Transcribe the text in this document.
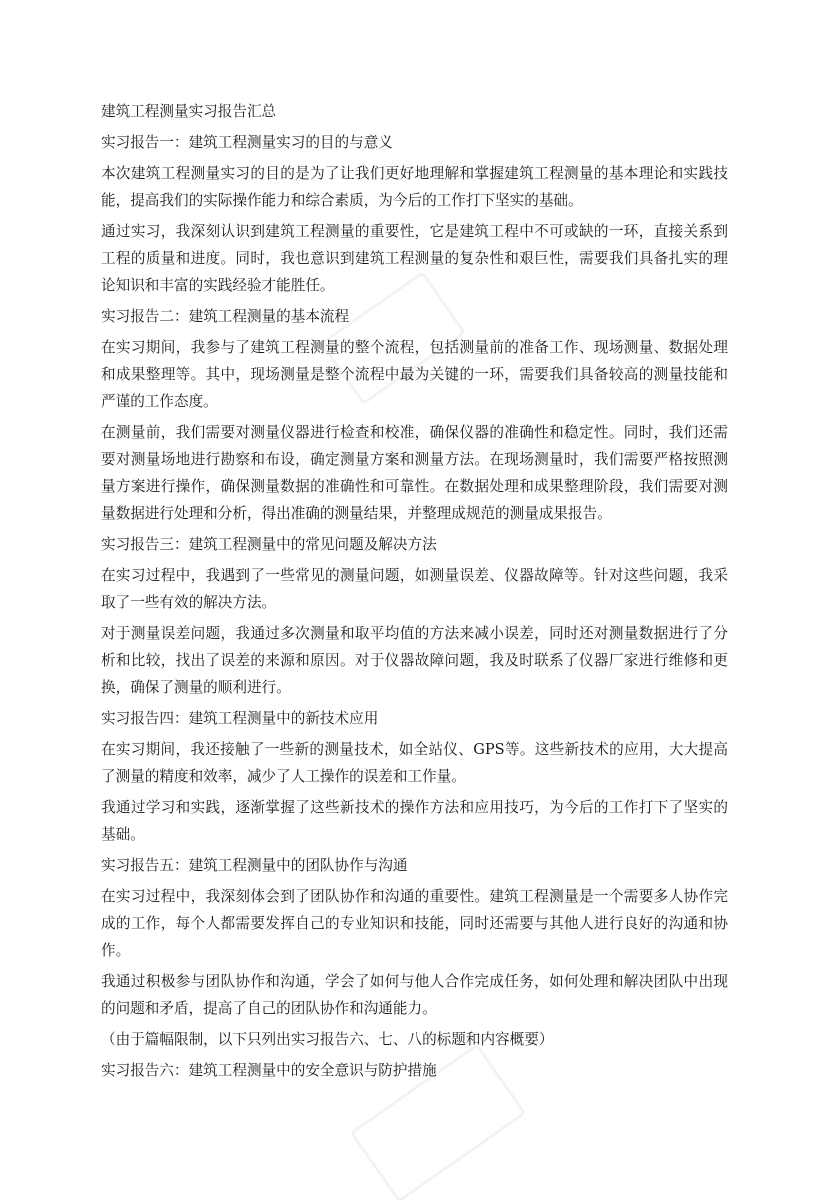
建筑工程测量实习报告汇总

实习报告一：建筑工程测量实习的目的与意义

本次建筑工程测量实习的目的是为了让我们更好地理解和掌握建筑工程测量的基本理论和实践技能，提高我们的实际操作能力和综合素质，为今后的工作打下坚实的基础。

通过实习，我深刻认识到建筑工程测量的重要性，它是建筑工程中不可或缺的一环，直接关系到工程的质量和进度。同时，我也意识到建筑工程测量的复杂性和艰巨性，需要我们具备扎实的理论知识和丰富的实践经验才能胜任。

实习报告二：建筑工程测量的基本流程

在实习期间，我参与了建筑工程测量的整个流程，包括测量前的准备工作、现场测量、数据处理和成果整理等。其中，现场测量是整个流程中最为关键的一环，需要我们具备较高的测量技能和严谨的工作态度。

在测量前，我们需要对测量仪器进行检查和校准，确保仪器的准确性和稳定性。同时，我们还需要对测量场地进行勘察和布设，确定测量方案和测量方法。在现场测量时，我们需要严格按照测量方案进行操作，确保测量数据的准确性和可靠性。在数据处理和成果整理阶段，我们需要对测量数据进行处理和分析，得出准确的测量结果，并整理成规范的测量成果报告。

实习报告三：建筑工程测量中的常见问题及解决方法

在实习过程中，我遇到了一些常见的测量问题，如测量误差、仪器故障等。针对这些问题，我采取了一些有效的解决方法。

对于测量误差问题，我通过多次测量和取平均值的方法来减小误差，同时还对测量数据进行了分析和比较，找出了误差的来源和原因。对于仪器故障问题，我及时联系了仪器厂家进行维修和更换，确保了测量的顺利进行。

实习报告四：建筑工程测量中的新技术应用

在实习期间，我还接触了一些新的测量技术，如全站仪、GPS等。这些新技术的应用，大大提高了测量的精度和效率，减少了人工操作的误差和工作量。

我通过学习和实践，逐渐掌握了这些新技术的操作方法和应用技巧，为今后的工作打下了坚实的基础。

实习报告五：建筑工程测量中的团队协作与沟通

在实习过程中，我深刻体会到了团队协作和沟通的重要性。建筑工程测量是一个需要多人协作完成的工作，每个人都需要发挥自己的专业知识和技能，同时还需要与其他人进行良好的沟通和协作。

我通过积极参与团队协作和沟通，学会了如何与他人合作完成任务，如何处理和解决团队中出现的问题和矛盾，提高了自己的团队协作和沟通能力。

（由于篇幅限制，以下只列出实习报告六、七、八的标题和内容概要）

实习报告六：建筑工程测量中的安全意识与防护措施
